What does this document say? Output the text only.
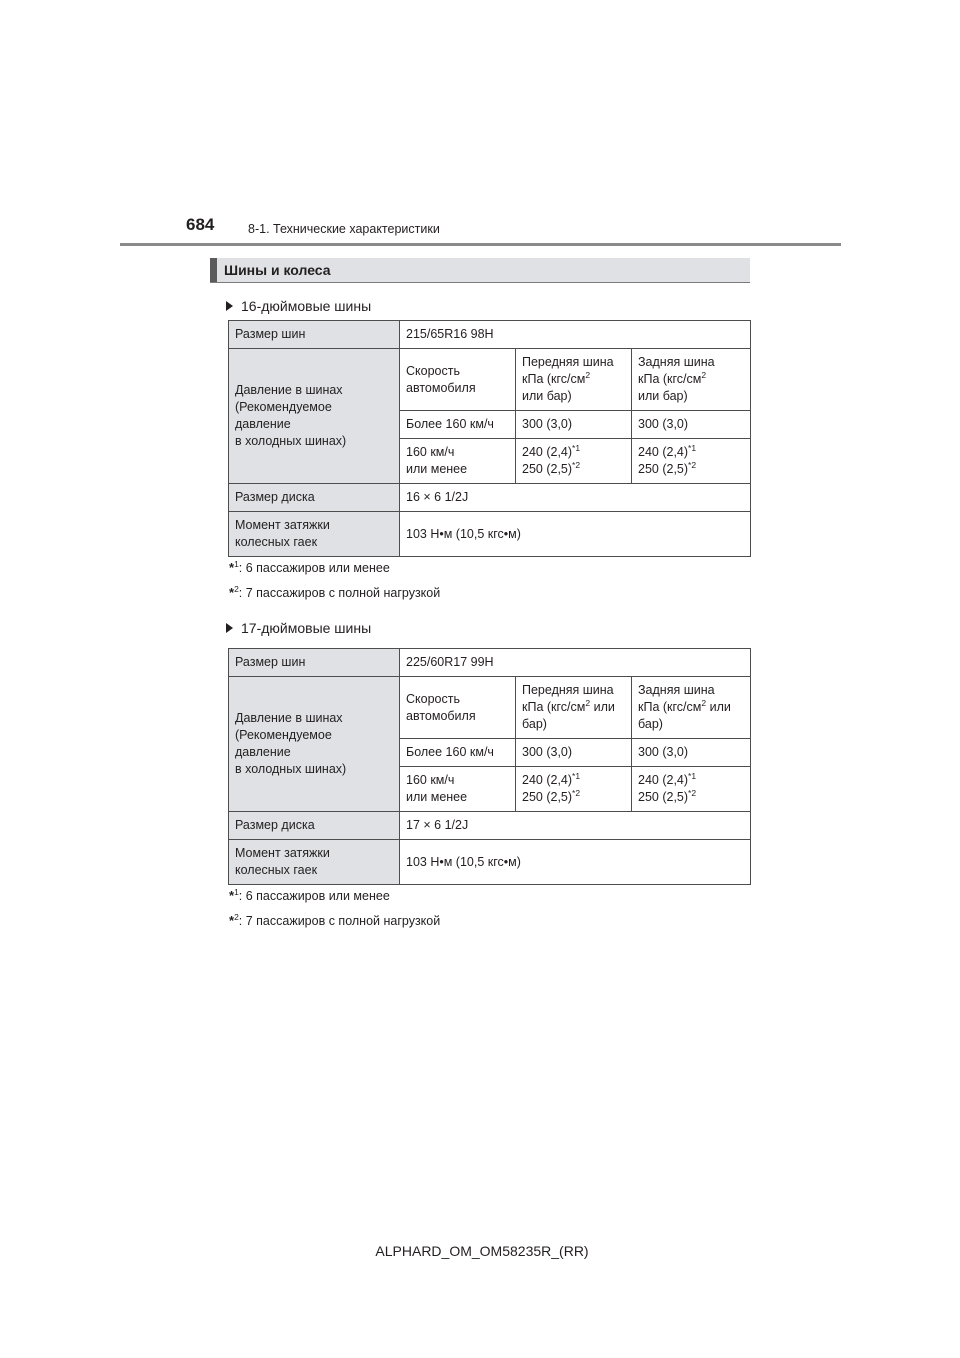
684	8-1. Технические характеристики
Шины и колеса
16-дюймовые шины
Размер шин	215/65R16 98H		
Давление в шинах
(Рекомендуемое
давление
в холодных шинах)	Скорость
автомобиля	Передняя шина
кПа ($кгс/см^2$
или бар)	Задняя шина
кПа ($кгс/см^2$
или бар)
	Более 160 км/ч	300 (3,0)	300 (3,0)
	160 км/ч
или менее	240 $(2,4)^{*1}$
250 $(2,5)^{*2}$	240 $(2,4)^{*1}$
250 $(2,5)^{*2}$
Размер диска	16 × 6 1/2J		
Момент затяжки
колесных гаек	103 Н•м (10,5 кгс•м)		
*$^1$: 6 пассажиров или менее
*$^2$: 7 пассажиров с полной нагрузкой
17-дюймовые шины
Размер шин	225/60R17 99H		
Давление в шинах
(Рекомендуемое
давление
в холодных шинах)	Скорость
автомобиля	Передняя шина
кПа ($кгс/см^2$ или
бар)	Задняя шина
кПа ($кгс/см^2$ или
бар)
	Более 160 км/ч	300 (3,0)	300 (3,0)
	160 км/ч
или менее	240 $(2,4)^{*1}$
250 $(2,5)^{*2}$	240 $(2,4)^{*1}$
250 $(2,5)^{*2}$
Размер диска	17 × 6 1/2J		
Момент затяжки
колесных гаек	103 Н•м (10,5 кгс•м)		
*$^1$: 6 пассажиров или менее
*$^2$: 7 пассажиров с полной нагрузкой
ALPHARD_OM_OM58235R_(RR)
